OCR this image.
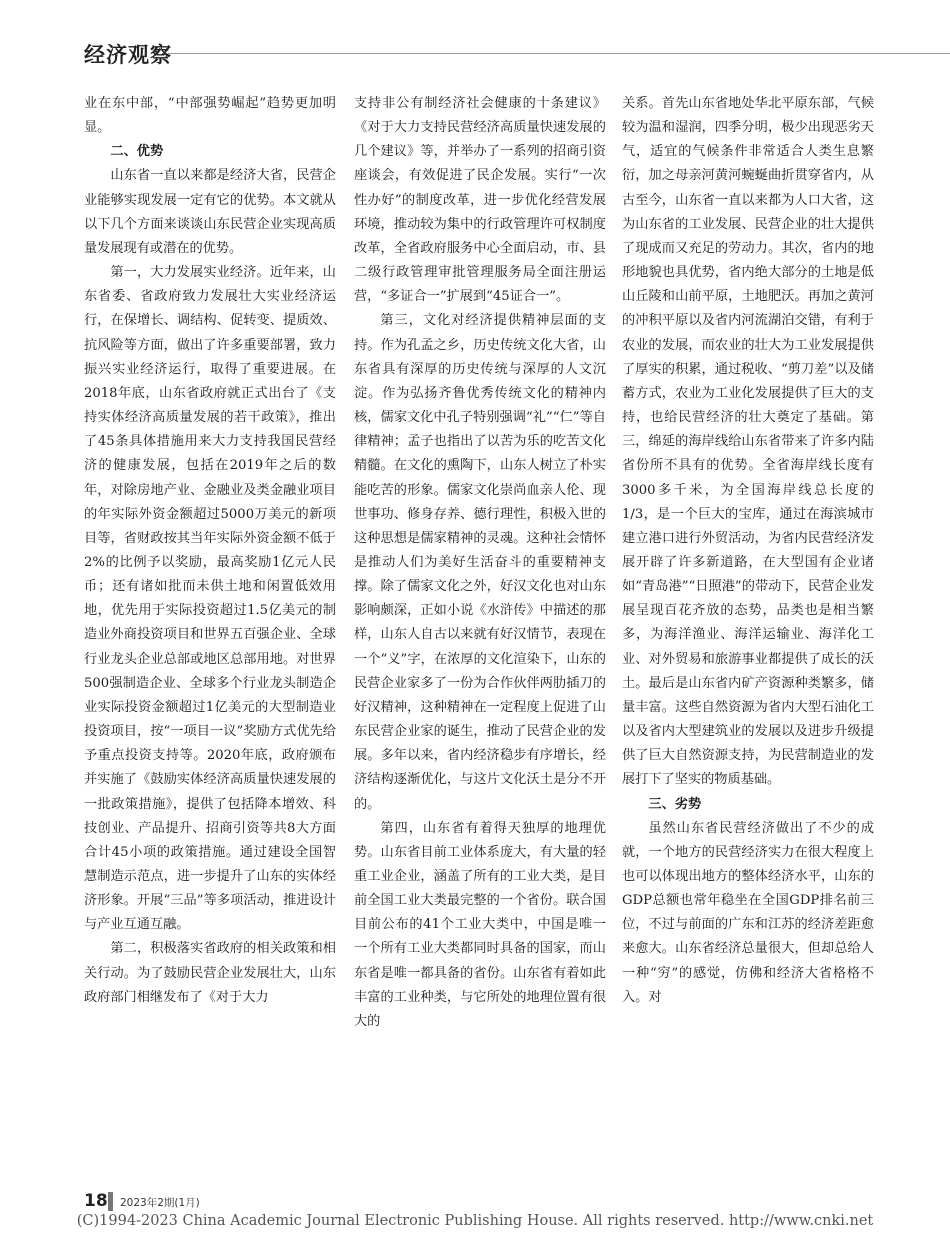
经济观察

业在东中部，“中部强势崛起”趋势更加明显。

二、优势

山东省一直以来都是经济大省，民营企业能够实现发展一定有它的优势。本文就从以下几个方面来谈谈山东民营企业实现高质量发展现有或潜在的优势。

第一，大力发展实业经济。近年来，山东省委、省政府致力发展壮大实业经济运行，在保增长、调结构、促转变、提质效、抗风险等方面，做出了许多重要部署，致力振兴实业经济运行，取得了重要进展。在2018年底，山东省政府就正式出台了《支持实体经济高质量发展的若干政策》，推出了45条具体措施用来大力支持我国民营经济的健康发展，包括在2019年之后的数年，对除房地产业、金融业及类金融业项目的年实际外资金额超过5000万美元的新项目等，省财政按其当年实际外资金额不低于2%的比例予以奖励，最高奖励1亿元人民币；还有诸如批而未供土地和闲置低效用地，优先用于实际投资超过1.5亿美元的制造业外商投资项目和世界五百强企业、全球行业龙头企业总部或地区总部用地。对世界500强制造企业、全球多个行业龙头制造企业实际投资金额超过1亿美元的大型制造业投资项目，按“一项目一议”奖励方式优先给予重点投资支持等。2020年底，政府颁布并实施了《鼓励实体经济高质量快速发展的一批政策措施》，提供了包括降本增效、科技创业、产品提升、招商引资等共8大方面合计45小项的政策措施。通过建设全国智慧制造示范点，进一步提升了山东的实体经济形象。开展“三品”等多项活动，推进设计与产业互通互融。

第二，积极落实省政府的相关政策和相关行动。为了鼓励民营企业发展壮大，山东政府部门相继发布了《对于大力

支持非公有制经济社会健康的十条建议》《对于大力支持民营经济高质量快速发展的几个建议》等，并举办了一系列的招商引资座谈会，有效促进了民企发展。实行“一次性办好”的制度改革，进一步优化经营发展环境，推动较为集中的行政管理许可权制度改革，全省政府服务中心全面启动，市、县二级行政管理审批管理服务局全面注册运营，“多证合一”扩展到“45证合一”。

第三，文化对经济提供精神层面的支持。作为孔孟之乡，历史传统文化大省，山东省具有深厚的历史传统与深厚的人文沉淀。作为弘扬齐鲁优秀传统文化的精神内核，儒家文化中孔子特别强调“礼”“仁”等自律精神；孟子也指出了以苦为乐的吃苦文化精髓。在文化的熏陶下，山东人树立了朴实能吃苦的形象。儒家文化崇尚血亲人伦、现世事功、修身存养、德行理性，积极入世的这种思想是儒家精神的灵魂。这种社会情怀是推动人们为美好生活奋斗的重要精神支撑。除了儒家文化之外，好汉文化也对山东影响颇深，正如小说《水浒传》中描述的那样，山东人自古以来就有好汉情节，表现在一个“义”字，在浓厚的文化渲染下，山东的民营企业家多了一份为合作伙伴两肋插刀的好汉精神，这种精神在一定程度上促进了山东民营企业家的诞生，推动了民营企业的发展。多年以来，省内经济稳步有序增长，经济结构逐渐优化，与这片文化沃土是分不开的。

第四，山东省有着得天独厚的地理优势。山东省目前工业体系庞大，有大量的轻重工业企业，涵盖了所有的工业大类，是目前全国工业大类最完整的一个省份。联合国目前公布的41个工业大类中，中国是唯一一个所有工业大类都同时具备的国家，而山东省是唯一都具备的省份。山东省有着如此丰富的工业种类，与它所处的地理位置有很大的

关系。首先山东省地处华北平原东部，气候较为温和湿润，四季分明，极少出现恶劣天气，适宜的气候条件非常适合人类生息繁衍，加之母亲河黄河蜿蜒曲折贯穿省内，从古至今，山东省一直以来都为人口大省，这为山东省的工业发展、民营企业的壮大提供了现成而又充足的劳动力。其次，省内的地形地貌也具优势，省内绝大部分的土地是低山丘陵和山前平原，土地肥沃。再加之黄河的冲积平原以及省内河流湖泊交错，有利于农业的发展，而农业的壮大为工业发展提供了厚实的积累，通过税收、“剪刀差”以及储蓄方式，农业为工业化发展提供了巨大的支持，也给民营经济的壮大奠定了基础。第三，绵延的海岸线给山东省带来了许多内陆省份所不具有的优势。全省海岸线长度有3000多千米，为全国海岸线总长度的1/3，是一个巨大的宝库，通过在海滨城市建立港口进行外贸活动，为省内民营经济发展开辟了许多新道路，在大型国有企业诸如“青岛港”“日照港”的带动下，民营企业发展呈现百花齐放的态势，品类也是相当繁多，为海洋渔业、海洋运输业、海洋化工业、对外贸易和旅游事业都提供了成长的沃土。最后是山东省内矿产资源种类繁多，储量丰富。这些自然资源为省内大型石油化工以及省内大型建筑业的发展以及进步升级提供了巨大自然资源支持，为民营制造业的发展打下了坚实的物质基础。

三、劣势

虽然山东省民营经济做出了不少的成就，一个地方的民营经济实力在很大程度上也可以体现出地方的整体经济水平，山东的GDP总额也常年稳坐在全国GDP排名前三位，不过与前面的广东和江苏的经济差距愈来愈大。山东省经济总量很大，但却总给人一种“穷”的感觉，仿佛和经济大省格格不入。对

18 2023年2期(1月)
(C)1994-2023 China Academic Journal Electronic Publishing House. All rights reserved. http://www.cnki.net
